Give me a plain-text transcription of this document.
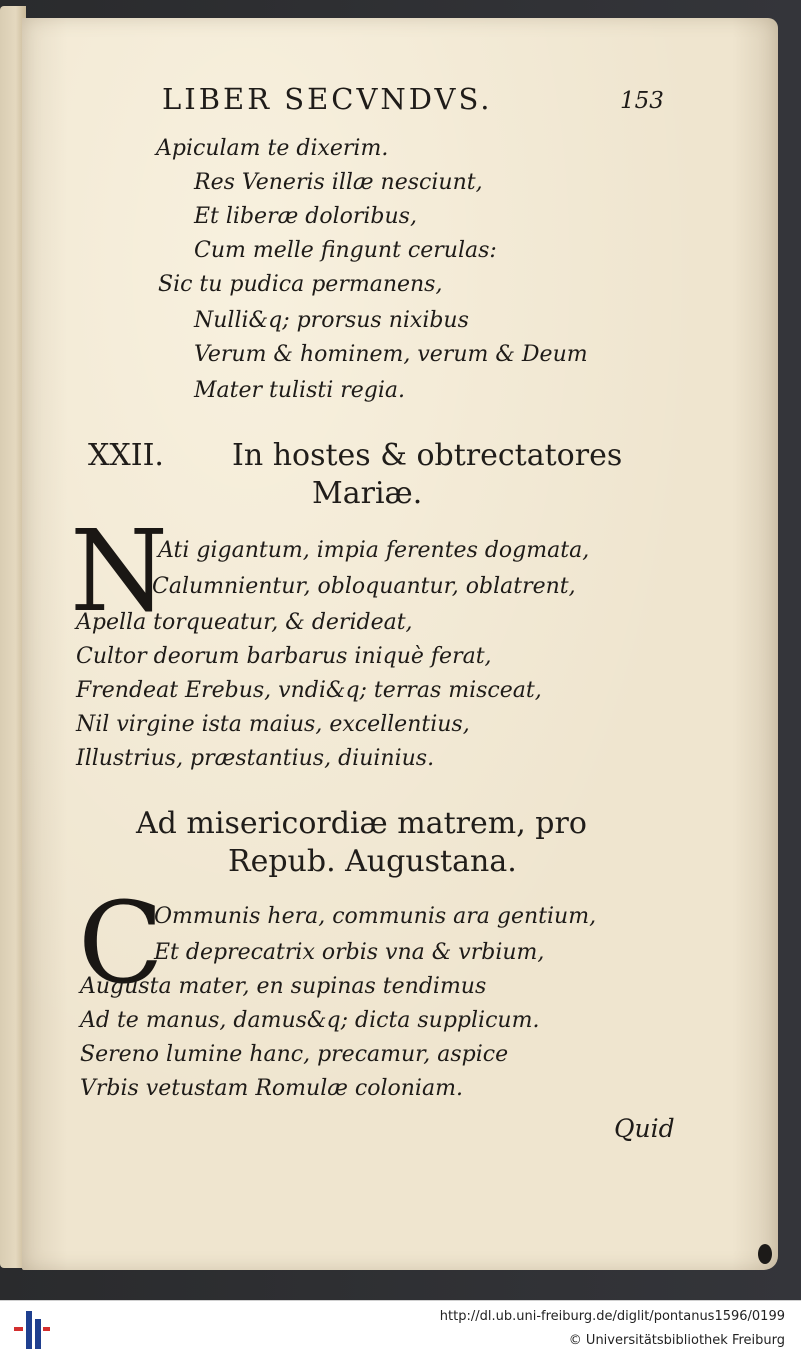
LIBER SECVNDVS.	153
Apiculam te dixerim.
Res Veneris illæ nesciunt,
Et liberæ doloribus,
Cum melle fingunt cerulas:
Sic tu pudica permanens,
Nulli&q; prorsus nixibus
Verum & hominem, verum & Deum
Mater tulisti regia.
XXII. In hostes & obtrectatores
Mariæ.
N
Ati gigantum, impia ferentes dogmata,
Calumnientur, obloquantur, oblatrent,
Apella torqueatur, & derideat,
Cultor deorum barbarus iniquè ferat,
Frendeat Erebus, vndi&q; terras misceat,
Nil virgine ista maius, excellentius,
Illustrius, præstantius, diuinius.
Ad misericordiæ matrem, pro
Repub. Augustana.
C
Ommunis hera, communis ara gentium,
Et deprecatrix orbis vna & vrbium,
Augusta mater, en supinas tendimus
Ad te manus, damus&q; dicta supplicum.
Sereno lumine hanc, precamur, aspice
Vrbis vetustam Romulæ coloniam.
Quid
http://dl.ub.uni-freiburg.de/diglit/pontanus1596/0199
© Universitätsbibliothek Freiburg
